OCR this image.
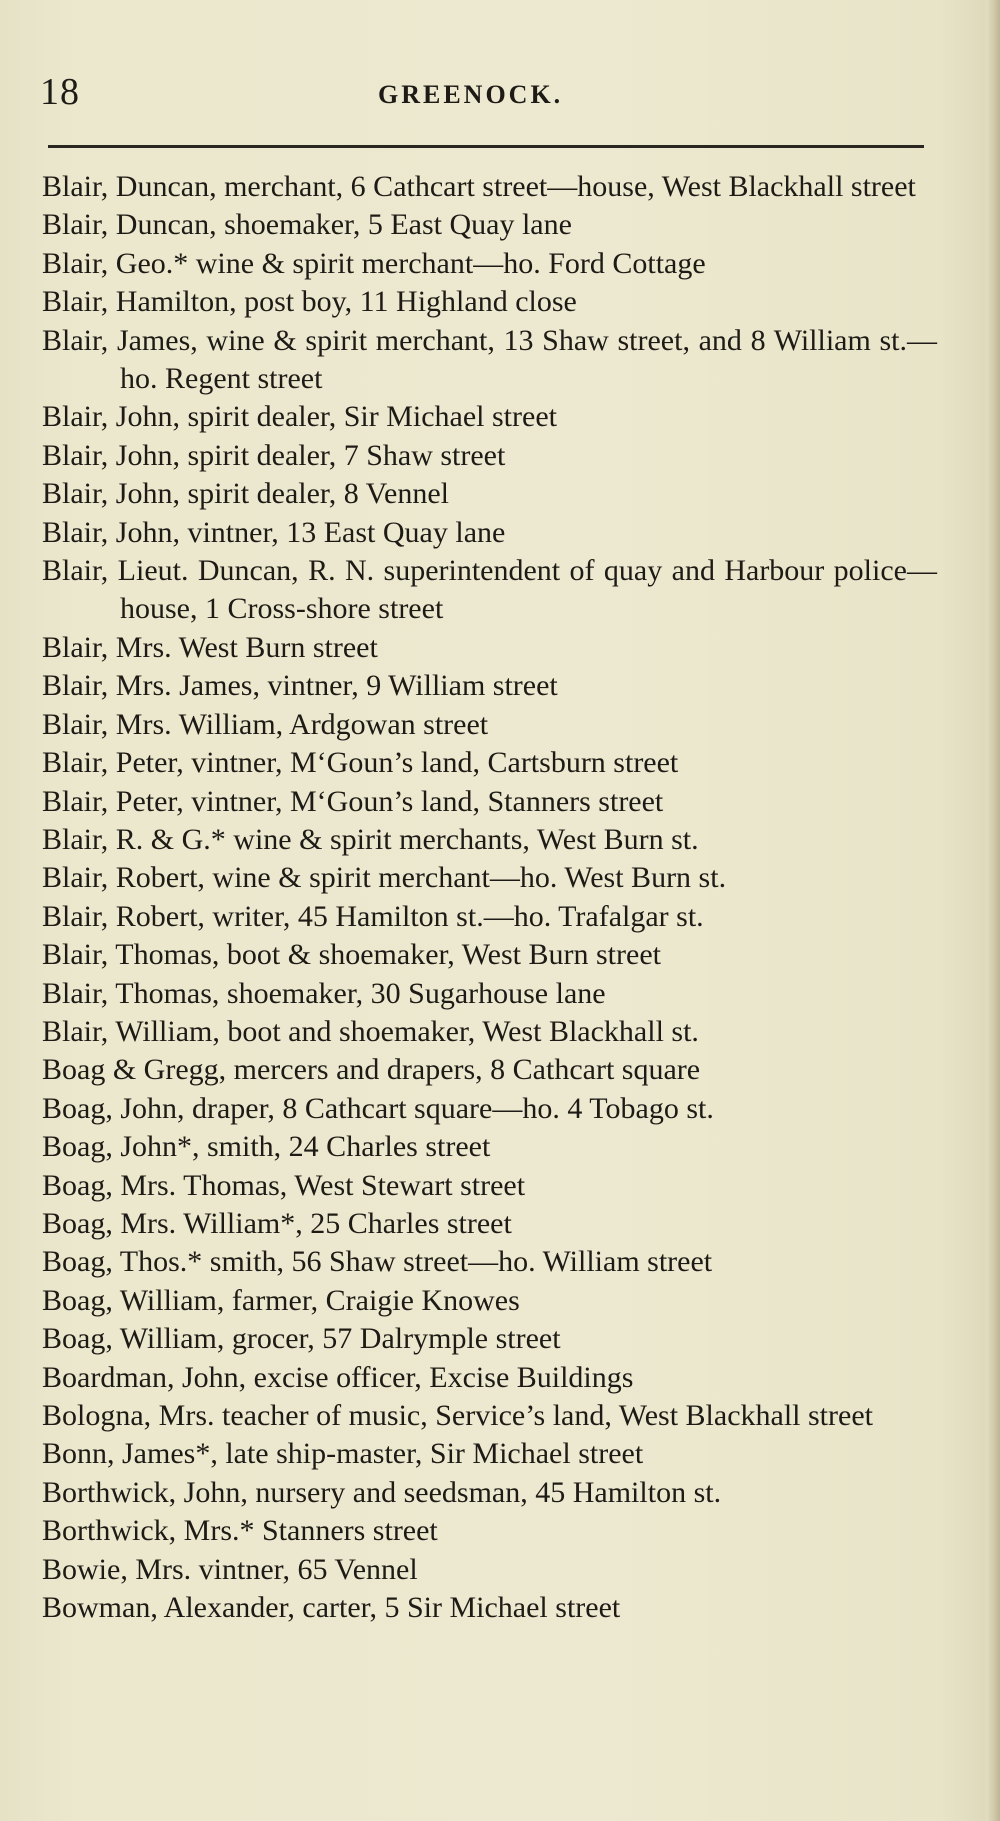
18	GREENOCK.
Blair, Duncan, merchant, 6 Cathcart street—house, West Blackhall street
Blair, Duncan, shoemaker, 5 East Quay lane
Blair, Geo.* wine & spirit merchant—ho. Ford Cottage
Blair, Hamilton, post boy, 11 Highland close
Blair, James, wine & spirit merchant, 13 Shaw street, and 8 William st.—ho. Regent street
Blair, John, spirit dealer, Sir Michael street
Blair, John, spirit dealer, 7 Shaw street
Blair, John, spirit dealer, 8 Vennel
Blair, John, vintner, 13 East Quay lane
Blair, Lieut. Duncan, R. N. superintendent of quay and Harbour police—house, 1 Cross-shore street
Blair, Mrs. West Burn street
Blair, Mrs. James, vintner, 9 William street
Blair, Mrs. William, Ardgowan street
Blair, Peter, vintner, M‘Goun’s land, Cartsburn street
Blair, Peter, vintner, M‘Goun’s land, Stanners street
Blair, R. & G.* wine & spirit merchants, West Burn st.
Blair, Robert, wine & spirit merchant—ho. West Burn st.
Blair, Robert, writer, 45 Hamilton st.—ho. Trafalgar st.
Blair, Thomas, boot & shoemaker, West Burn street
Blair, Thomas, shoemaker, 30 Sugarhouse lane
Blair, William, boot and shoemaker, West Blackhall st.
Boag & Gregg, mercers and drapers, 8 Cathcart square
Boag, John, draper, 8 Cathcart square—ho. 4 Tobago st.
Boag, John*, smith, 24 Charles street
Boag, Mrs. Thomas, West Stewart street
Boag, Mrs. William*, 25 Charles street
Boag, Thos.* smith, 56 Shaw street—ho. William street
Boag, William, farmer, Craigie Knowes
Boag, William, grocer, 57 Dalrymple street
Boardman, John, excise officer, Excise Buildings
Bologna, Mrs. teacher of music, Service’s land, West Blackhall street
Bonn, James*, late ship-master, Sir Michael street
Borthwick, John, nursery and seedsman, 45 Hamilton st.
Borthwick, Mrs.* Stanners street
Bowie, Mrs. vintner, 65 Vennel
Bowman, Alexander, carter, 5 Sir Michael street
